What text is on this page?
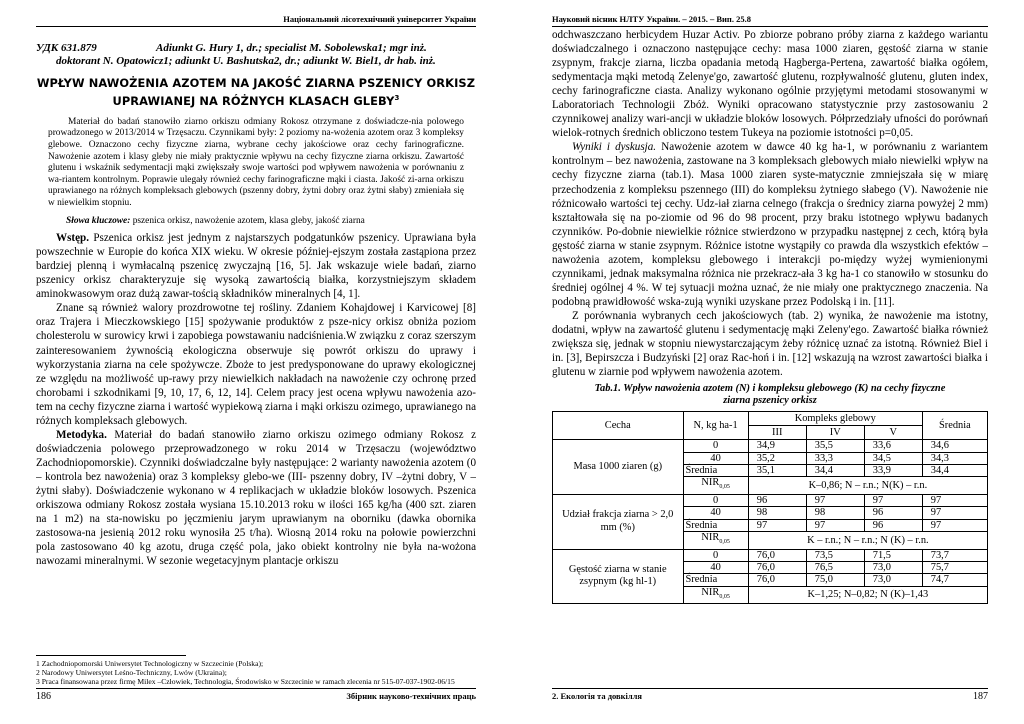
Національний лісотехнічний університет України
УДК 631.879	Adiunkt G. Hury 1, dr.; specialist M. Sobolewska1; mgr inż.
doktorant N. Opatowicz1; adiunkt U. Bashutska2, dr.; adiunkt W. Biel1, dr hab. inż.
WPŁYW NAWOŻENIA AZOTEM NA JAKOŚĆ ZIARNA PSZENICY ORKISZ
UPRAWIANEJ NA RÓŻNYCH KLASACH GLEBY$^3$

Materiał do badań stanowiło ziarno orkiszu odmiany Rokosz otrzymane z doświadcze-nia polowego prowadzonego w 2013/2014 w Trzęsaczu. Czynnikami były: 2 poziomy na-wożenia azotem oraz 3 kompleksy glebowe. Oznaczono cechy fizyczne ziarna, wybrane cechy jakościowe oraz cechy farinograficzne. Nawożenie azotem i klasy gleby nie miały praktycznie wpływu na cechy fizyczne ziarna orkiszu. Zawartość glutenu i wskaźnik sedymentacji mąki zwiększały swoje wartości pod wpływem nawożenia w porównaniu z wa-riantem kontrolnym. Poprawie ulegały również cechy farinograficzne mąki i ciasta. Jakość zi-arna orkiszu uprawianego na różnych kompleksach glebowych (pszenny dobry, żytni dobry oraz żytni słaby) zmieniała się w niewielkim stopniu.

Słowa kluczowe: pszenica orkisz, nawożenie azotem, klasa gleby, jakość ziarna

Wstęp. Pszenica orkisz jest jednym z najstarszych podgatunków pszenicy. Uprawiana była powszechnie w Europie do końca XIX wieku. W okresie później-ejszym została zastąpiona przez bardziej plenną i wymłacalną pszenicę zwyczajną [16, 5]. Jak wskazuje wiele badań, ziarno pszenicy orkisz charakteryzuje się wysoką zawartością białka, korzystniejszym składem aminokwasowym oraz dużą zawar-tością składników mineralnych [4, 1].

Znane są również walory prozdrowotne tej rośliny. Zdaniem Kohajdowej i Karvicowej [8] oraz Trajera i Mieczkowskiego [15] spożywanie produktów z psze-nicy orkisz obniża poziom cholesterolu w surowicy krwi i zapobiega powstawaniu nadciśnienia.W związku z coraz szerszym zainteresowaniem żywnością ekologiczna obserwuje się powrót orkiszu do uprawy i wykorzystania ziarna na cele spożywcze. Zboże to jest predysponowane do uprawy ekologicznej ze względu na możliwość up-rawy przy niewielkich nakładach na nawożenie czy ochronę przed chorobami i szkodnikami [9, 10, 17, 6, 12, 14]. Celem pracy jest ocena wpływu nawożenia azo-tem na cechy fizyczne ziarna i wartość wypiekową ziarna i mąki orkiszu ozimego, uprawianego na różnych kompleksach glebowych.

Metodyka. Materiał do badań stanowiło ziarno orkiszu ozimego odmiany Rokosz z doświadczenia polowego przeprowadzonego w roku 2014 w Trzęsaczu (województwo Zachodniopomorskie). Czynniki doświadczalne były następujące: 2 warianty nawożenia azotem (0 – kontrola bez nawożenia) oraz 3 kompleksy glebo-we (III- pszenny dobry, IV –żytni dobry, V –żytni słaby). Doświadczenie wykonano w 4 replikacjach w układzie bloków losowych. Pszenica orkiszowa odmiany Rokosz została wysiana 15.10.2013 roku w ilości 165 kg/ha (400 szt. ziaren na 1 m2) na sta-nowisku po jęczmieniu jarym uprawianym na oborniku (dawka obornika zastosowa-na jesienią 2012 roku wynosiła 25 t/ha). Wiosną 2014 roku na połowie powierzchni pola zastosowano 40 kg azotu, druga część pola, jako obiekt kontrolny nie była na-wożona nawozami mineralnymi. W sezonie wegetacyjnym plantacje orkiszu

1 Zachodniopomorski Uniwersytet Technologiczny w Szczecinie (Polska);
2 Narodowy Uniwersytet Leśno-Techniczny, Lwów (Ukraina);
3 Praca finansowana przez firmę Milex –Człowiek, Technologia, Środowisko w Szczecinie w ramach zlecenia nr 515-07-037-1902-06/15
186	Збірник науково-технічних праць
Науковий вісник НЛТУ України. – 2015. – Вип. 25.8

odchwaszczano herbicydem Huzar Activ. Po zbiorze pobrano próby ziarna z każdego wariantu doświadczalnego i oznaczono następujące cechy: masa 1000 ziaren, gęstość ziarna w stanie zsypnym, frakcje ziarna, liczba opadania metodą Hagberga-Pertena, zawartość białka ogółem, sedymentacja mąki metodą Zelenye'go, zawartość glutenu, rozpływalność glutenu, gluten index, cechy farinograficzne ciasta. Analizy wykonano ogólnie przyjętymi metodami stosowanymi w Laboratoriach Technologii Zbóż. Wyniki opracowano statystycznie przy zastosowaniu 2 czynnikowej analizy wari-ancji w układzie bloków losowych. Półprzedziały ufności do porównań wielok-rotnych średnich obliczono testem Tukeya na poziomie istotności p=0,05.

Wyniki i dyskusja. Nawożenie azotem w dawce 40 kg ha-1, w porównaniu z wariantem kontrolnym – bez nawożenia, zastowane na 3 kompleksach glebowych miało niewielki wpływ na cechy fizyczne ziarna (tab.1). Masa 1000 ziaren syste-matycznie zmniejszała się w miarę przechodzenia z kompleksu pszennego (III) do kompleksu żytniego słabego (V). Nawożenie nie różnicowało wartości tej cechy. Udz-iał ziarna celnego (frakcja o średnicy ziarna powyżej 2 mm) kształtowała się na po-ziomie od 96 do 98 procent, przy braku istotnego wpływu badanych czynników. Po-dobnie niewielkie różnice stwierdzono w przypadku następnej z cech, którą była gęstość ziarna w stanie zsypnym. Różnice istotne wystąpiły co prawda dla wszystkich efektów – nawożenia azotem, kompleksu glebowego i interakcji po-między wyżej wymienionymi czynnikami, jednak maksymalna różnica nie przekracz-ała 3 kg ha-1 co stanowiło w stosunku do średniej ogólnej 4 %. W tej sytuacji można uznać, że nie miały one praktycznego znaczenia. Na podobną prawidłowość wska-zują wyniki uzyskane przez Podolską i in. [11].

Z porównania wybranych cech jakościowych (tab. 2) wynika, że nawożenie ma istotny, dodatni, wpływ na zawartość glutenu i sedymentację mąki Zeleny'ego. Zawartość białka również zwiększa się, jednak w stopniu niewystarczającym żeby różnicę uznać za istotną. Również Biel i in. [3], Bepirszcza i Budzyński [2] oraz Rac-hoń i in. [12] wskazują na wzrost zawartości białka i glutenu w ziarnie pod wpływem nawożenia azotem.

Tab.1. Wpływ nawożenia azotem (N) i kompleksu glebowego (K) na cechy fizyczne
ziarna pszenicy orkisz
Cecha	N, kg ha-1	Kompleks glebowy			Średnia
		III	IV	V	
Masa 1000 ziaren (g)	0	34,9	35,5	33,6	34,6
	40	35,2	33,3	34,5	34,3
	Średnia	35,1	34,4	33,9	34,4
	$NIR_{0,05}$	K–0,86; N – r.n.; N(K) – r.n.			
Udział frakcja ziarna > 2,0 mm (%)	0	96	97	97	97
	40	98	98	96	97
	Średnia	97	97	96	97
	$NIR_{0,05}$	K – r.n.; N – r.n.; N (K) – r.n.			
Gęstość ziarna w stanie zsypnym (kg hl-1)	0	76,0	73,5	71,5	73,7
	40	76,0	76,5	73,0	75,7
	Średnia	76,0	75,0	73,0	74,7
	$NIR_{0,05}$	K–1,25; N–0,82; N (K)–1,43			
2. Екологія та довкілля	187
